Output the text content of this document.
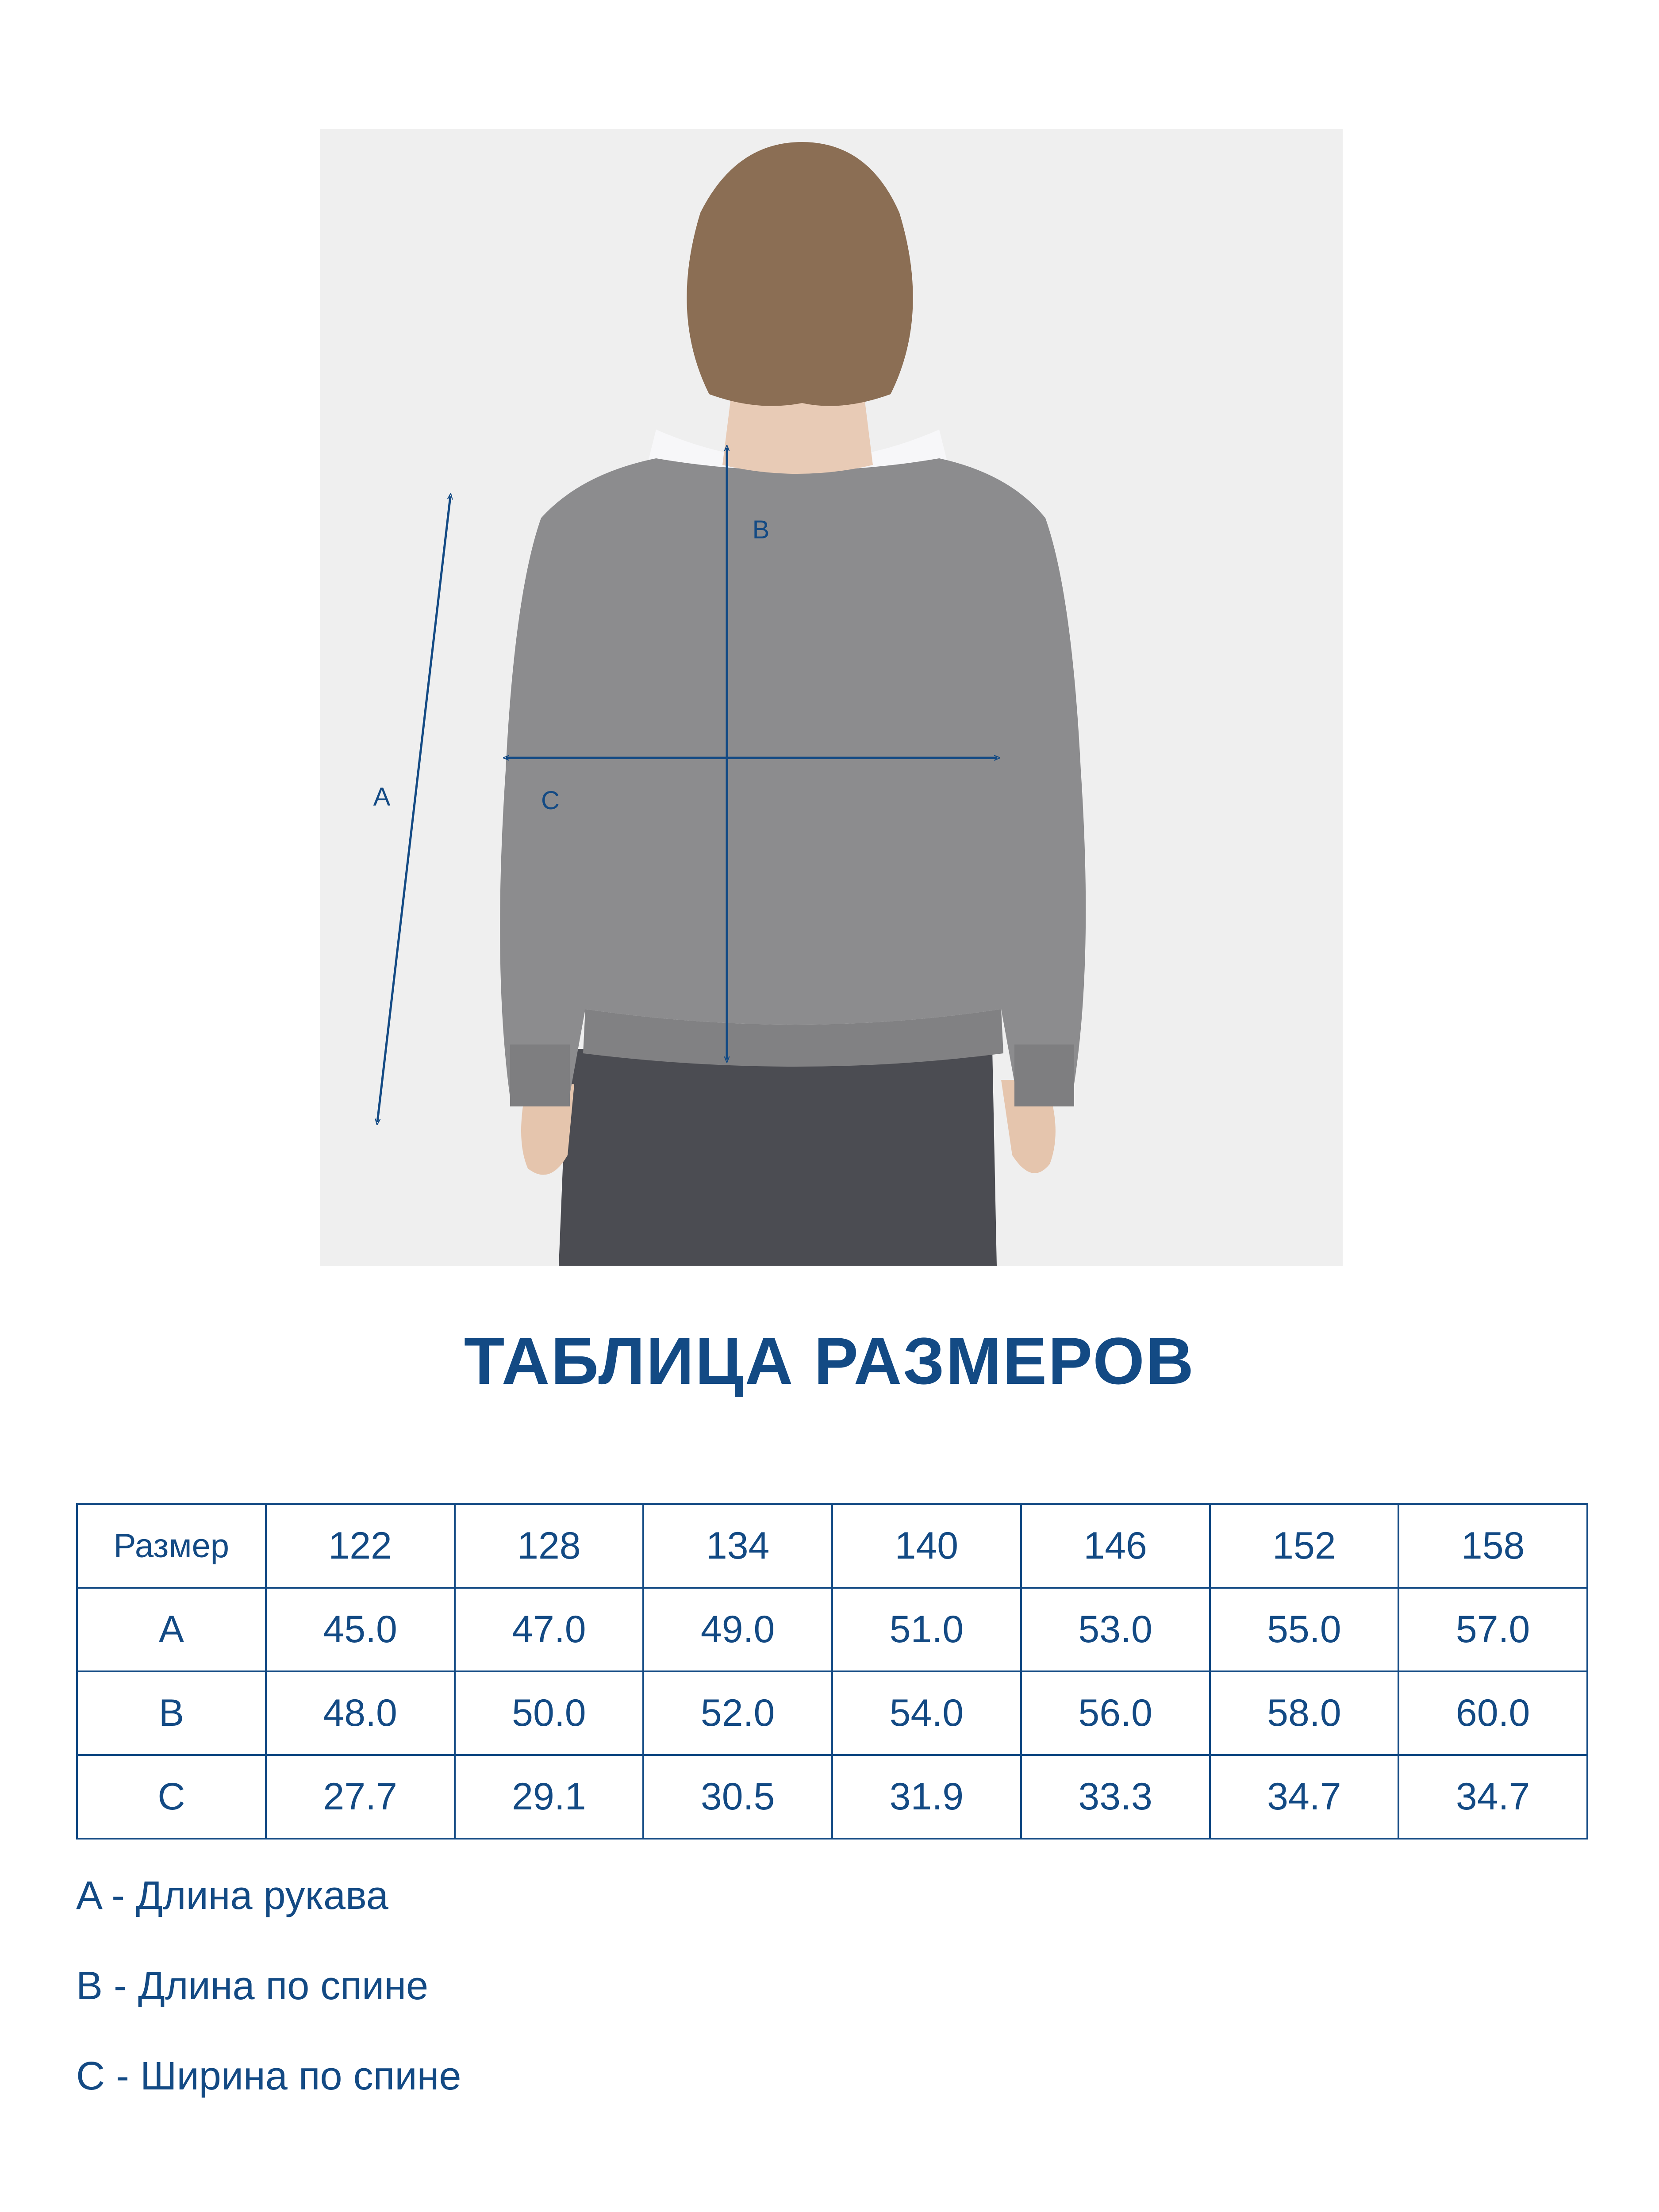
A
B
C
ТАБЛИЦА РАЗМЕРОВ
Размер	122	128	134	140	146	152	158
A	45.0	47.0	49.0	51.0	53.0	55.0	57.0
B	48.0	50.0	52.0	54.0	56.0	58.0	60.0
C	27.7	29.1	30.5	31.9	33.3	34.7	34.7
A - Длина рукава
B - Длина по спине
C - Ширина по спине
